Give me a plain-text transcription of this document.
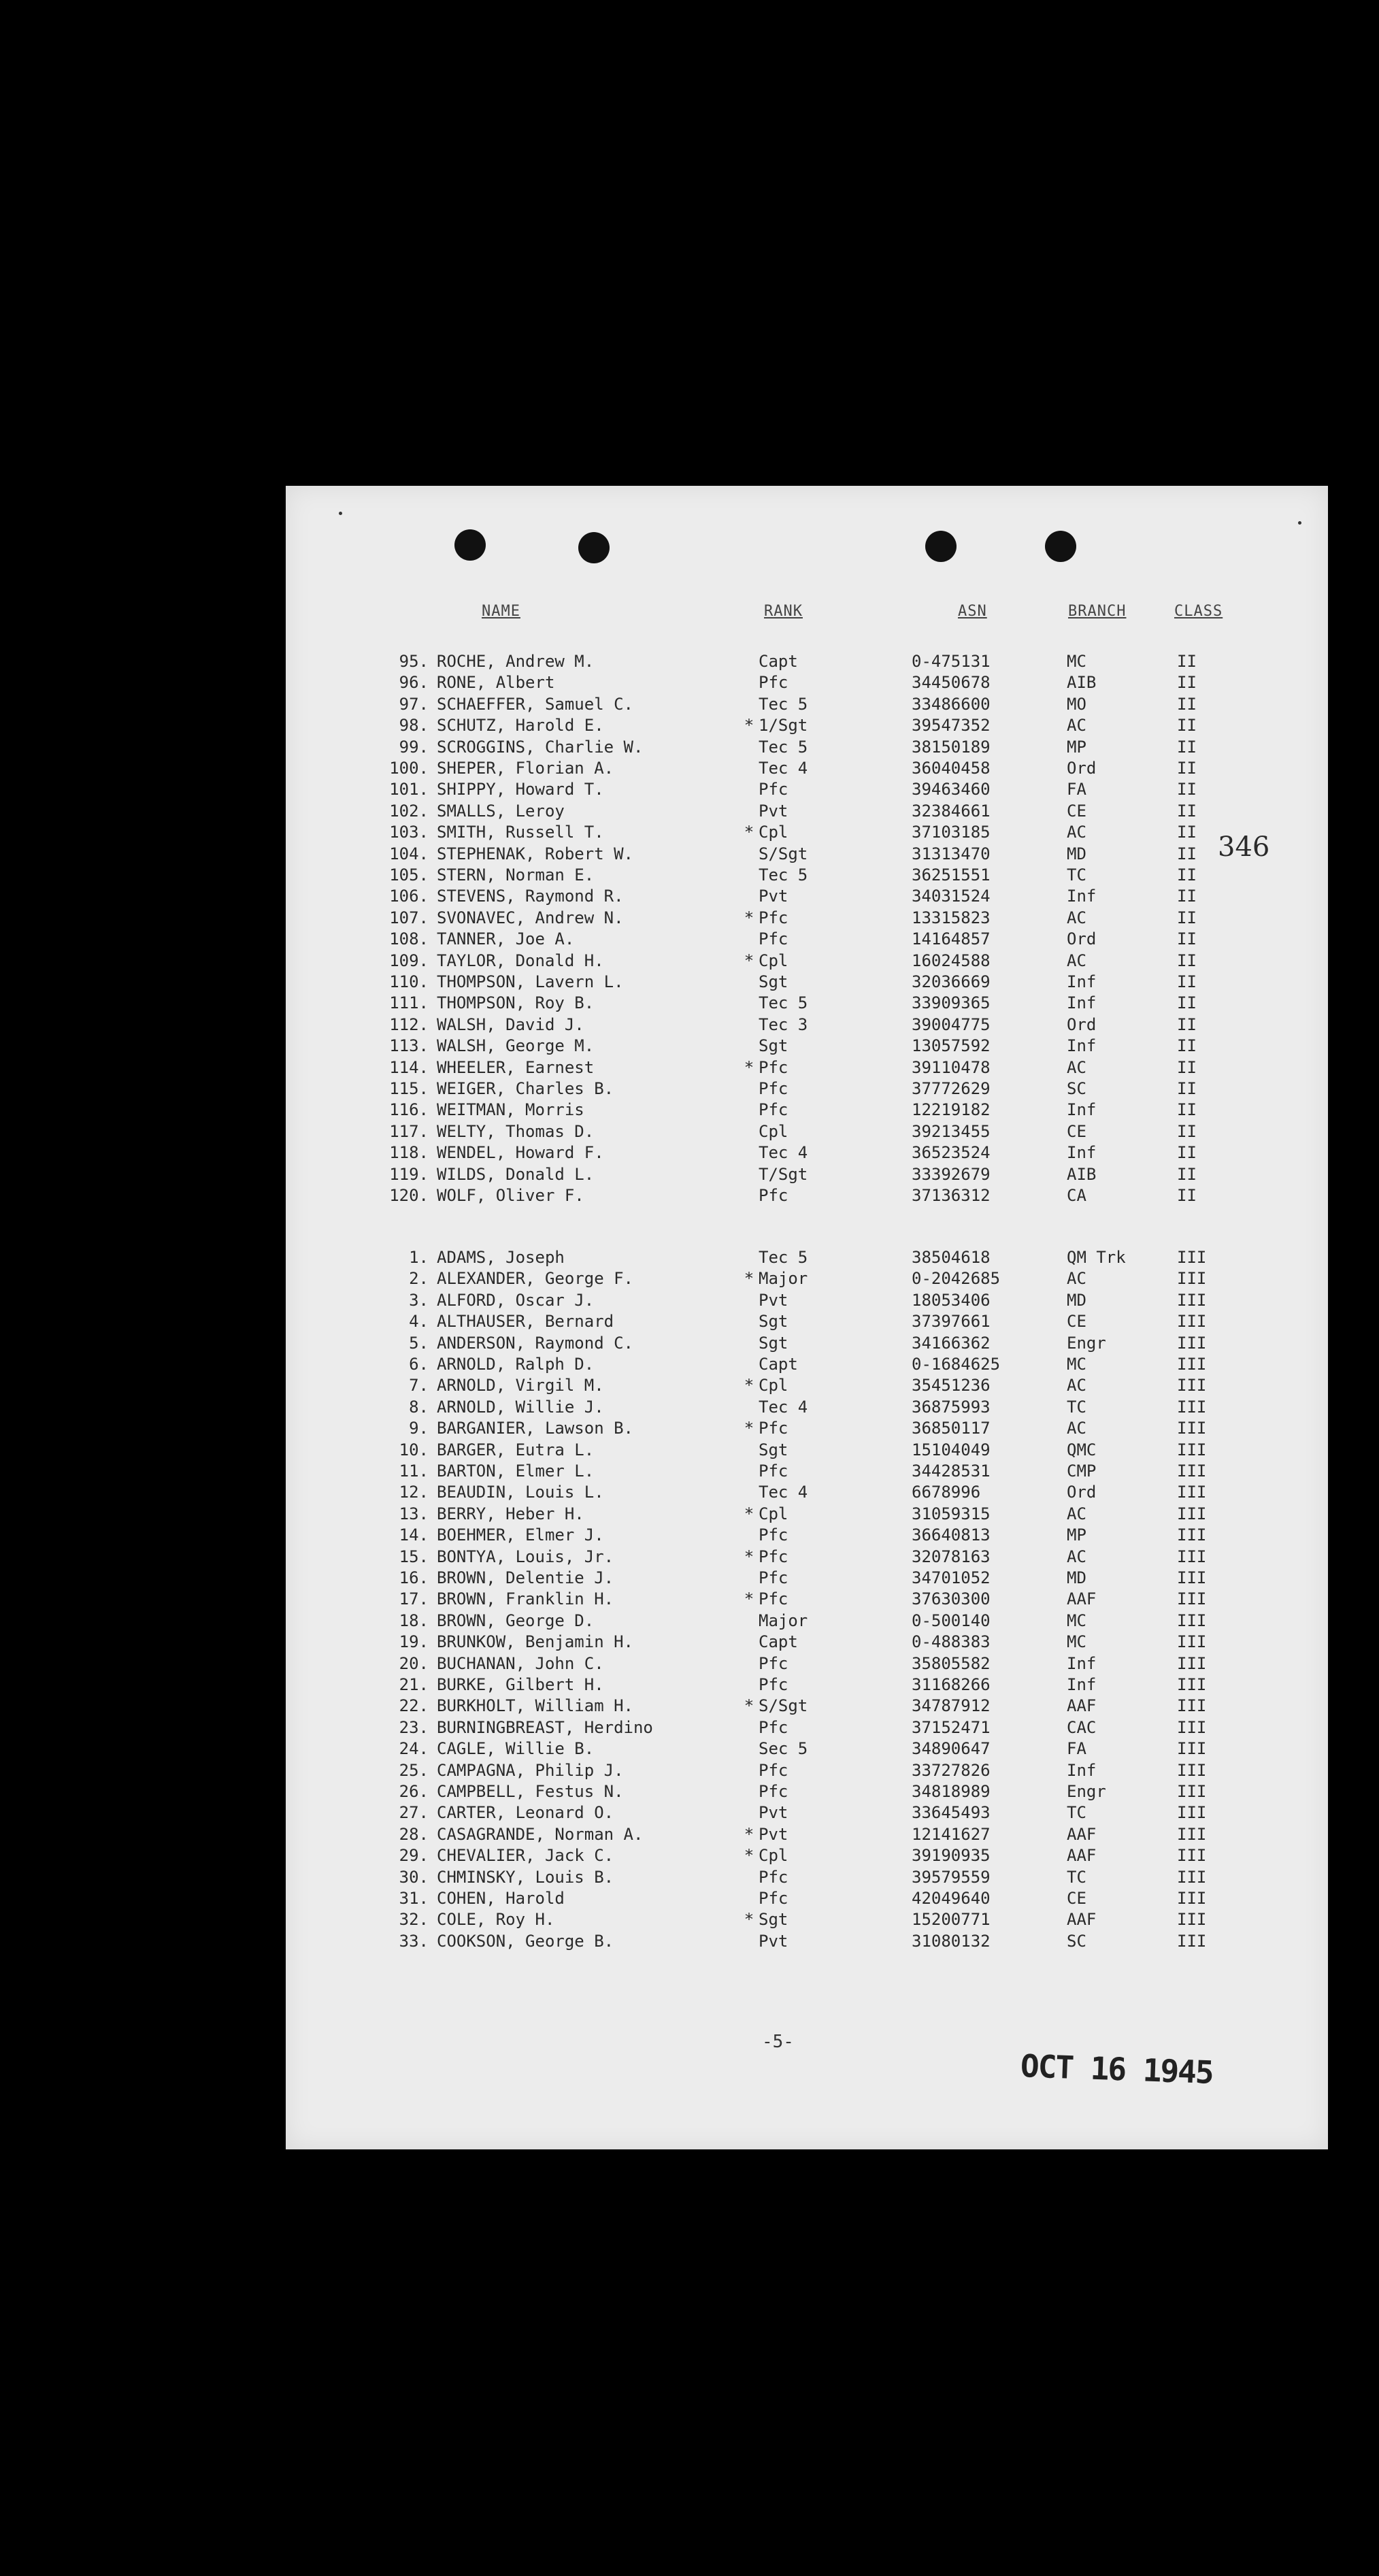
NAME	RANK	ASN	BRANCH	CLASS
95. ROCHE, Andrew M.	Capt	0-475131	MC	II
96. RONE, Albert	Pfc	34450678	AIB	II
97. SCHAEFFER, Samuel C.	Tec 5	33486600	MO	II
98. SCHUTZ, Harold E.	* 1/Sgt	39547352	AC	II
99. SCROGGINS, Charlie W.	Tec 5	38150189	MP	II
100. SHEPER, Florian A.	Tec 4	36040458	Ord	II
101. SHIPPY, Howard T.	Pfc	39463460	FA	II
102. SMALLS, Leroy	Pvt	32384661	CE	II
103. SMITH, Russell T.	* Cpl	37103185	AC	II
104. STEPHENAK, Robert W.	S/Sgt	31313470	MD	II
105. STERN, Norman E.	Tec 5	36251551	TC	II
106. STEVENS, Raymond R.	Pvt	34031524	Inf	II
107. SVONAVEC, Andrew N.	* Pfc	13315823	AC	II
108. TANNER, Joe A.	Pfc	14164857	Ord	II
109. TAYLOR, Donald H.	* Cpl	16024588	AC	II
110. THOMPSON, Lavern L.	Sgt	32036669	Inf	II
111. THOMPSON, Roy B.	Tec 5	33909365	Inf	II
112. WALSH, David J.	Tec 3	39004775	Ord	II
113. WALSH, George M.	Sgt	13057592	Inf	II
114. WHEELER, Earnest	* Pfc	39110478	AC	II
115. WEIGER, Charles B.	Pfc	37772629	SC	II
116. WEITMAN, Morris	Pfc	12219182	Inf	II
117. WELTY, Thomas D.	Cpl	39213455	CE	II
118. WENDEL, Howard F.	Tec 4	36523524	Inf	II
119. WILDS, Donald L.	T/Sgt	33392679	AIB	II
120. WOLF, Oliver F.	Pfc	37136312	CA	II
1. ADAMS, Joseph	Tec 5	38504618	QM Trk	III
2. ALEXANDER, George F.	* Major	0-2042685	AC	III
3. ALFORD, Oscar J.	Pvt	18053406	MD	III
4. ALTHAUSER, Bernard	Sgt	37397661	CE	III
5. ANDERSON, Raymond C.	Sgt	34166362	Engr	III
6. ARNOLD, Ralph D.	Capt	0-1684625	MC	III
7. ARNOLD, Virgil M.	* Cpl	35451236	AC	III
8. ARNOLD, Willie J.	Tec 4	36875993	TC	III
9. BARGANIER, Lawson B.	* Pfc	36850117	AC	III
10. BARGER, Eutra L.	Sgt	15104049	QMC	III
11. BARTON, Elmer L.	Pfc	34428531	CMP	III
12. BEAUDIN, Louis L.	Tec 4	6678996	Ord	III
13. BERRY, Heber H.	* Cpl	31059315	AC	III
14. BOEHMER, Elmer J.	Pfc	36640813	MP	III
15. BONTYA, Louis, Jr.	* Pfc	32078163	AC	III
16. BROWN, Delentie J.	Pfc	34701052	MD	III
17. BROWN, Franklin H.	* Pfc	37630300	AAF	III
18. BROWN, George D.	Major	0-500140	MC	III
19. BRUNKOW, Benjamin H.	Capt	0-488383	MC	III
20. BUCHANAN, John C.	Pfc	35805582	Inf	III
21. BURKE, Gilbert H.	Pfc	31168266	Inf	III
22. BURKHOLT, William H.	* S/Sgt	34787912	AAF	III
23. BURNINGBREAST, Herdino	Pfc	37152471	CAC	III
24. CAGLE, Willie B.	Sec 5	34890647	FA	III
25. CAMPAGNA, Philip J.	Pfc	33727826	Inf	III
26. CAMPBELL, Festus N.	Pfc	34818989	Engr	III
27. CARTER, Leonard O.	Pvt	33645493	TC	III
28. CASAGRANDE, Norman A.	* Pvt	12141627	AAF	III
29. CHEVALIER, Jack C.	* Cpl	39190935	AAF	III
30. CHMINSKY, Louis B.	Pfc	39579559	TC	III
31. COHEN, Harold	Pfc	42049640	CE	III
32. COLE, Roy H.	* Sgt	15200771	AAF	III
33. COOKSON, George B.	Pvt	31080132	SC	III
346
-5-
OCT 16 1945
